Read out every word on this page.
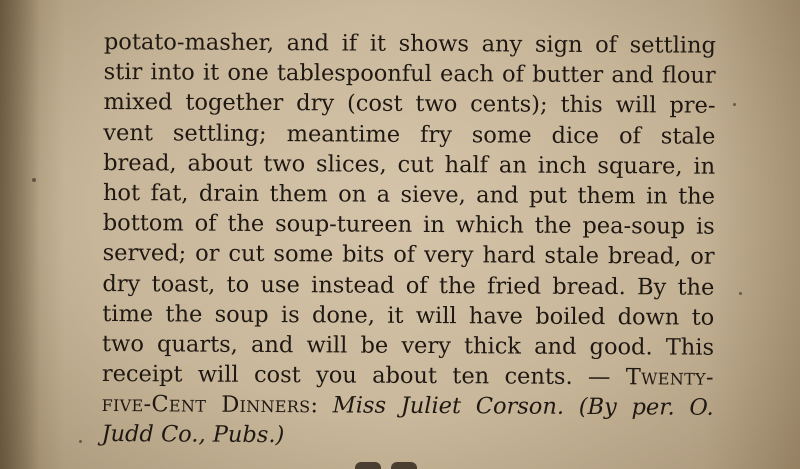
potato-masher, and if it shows any sign of settling
stir into it one tablespoonful each of butter and flour
mixed together dry (cost two cents); this will pre-
vent settling; meantime fry some dice of stale
bread, about two slices, cut half an inch square, in
hot fat, drain them on a sieve, and put them in the
bottom of the soup-tureen in which the pea-soup is
served; or cut some bits of very hard stale bread, or
dry toast, to use instead of the fried bread. By the
time the soup is done, it will have boiled down to
two quarts, and will be very thick and good. This
receipt will cost you about ten cents. — Twenty-
five-Cent Dinners: Miss Juliet Corson. (By per. O.
Judd Co., Pubs.)
